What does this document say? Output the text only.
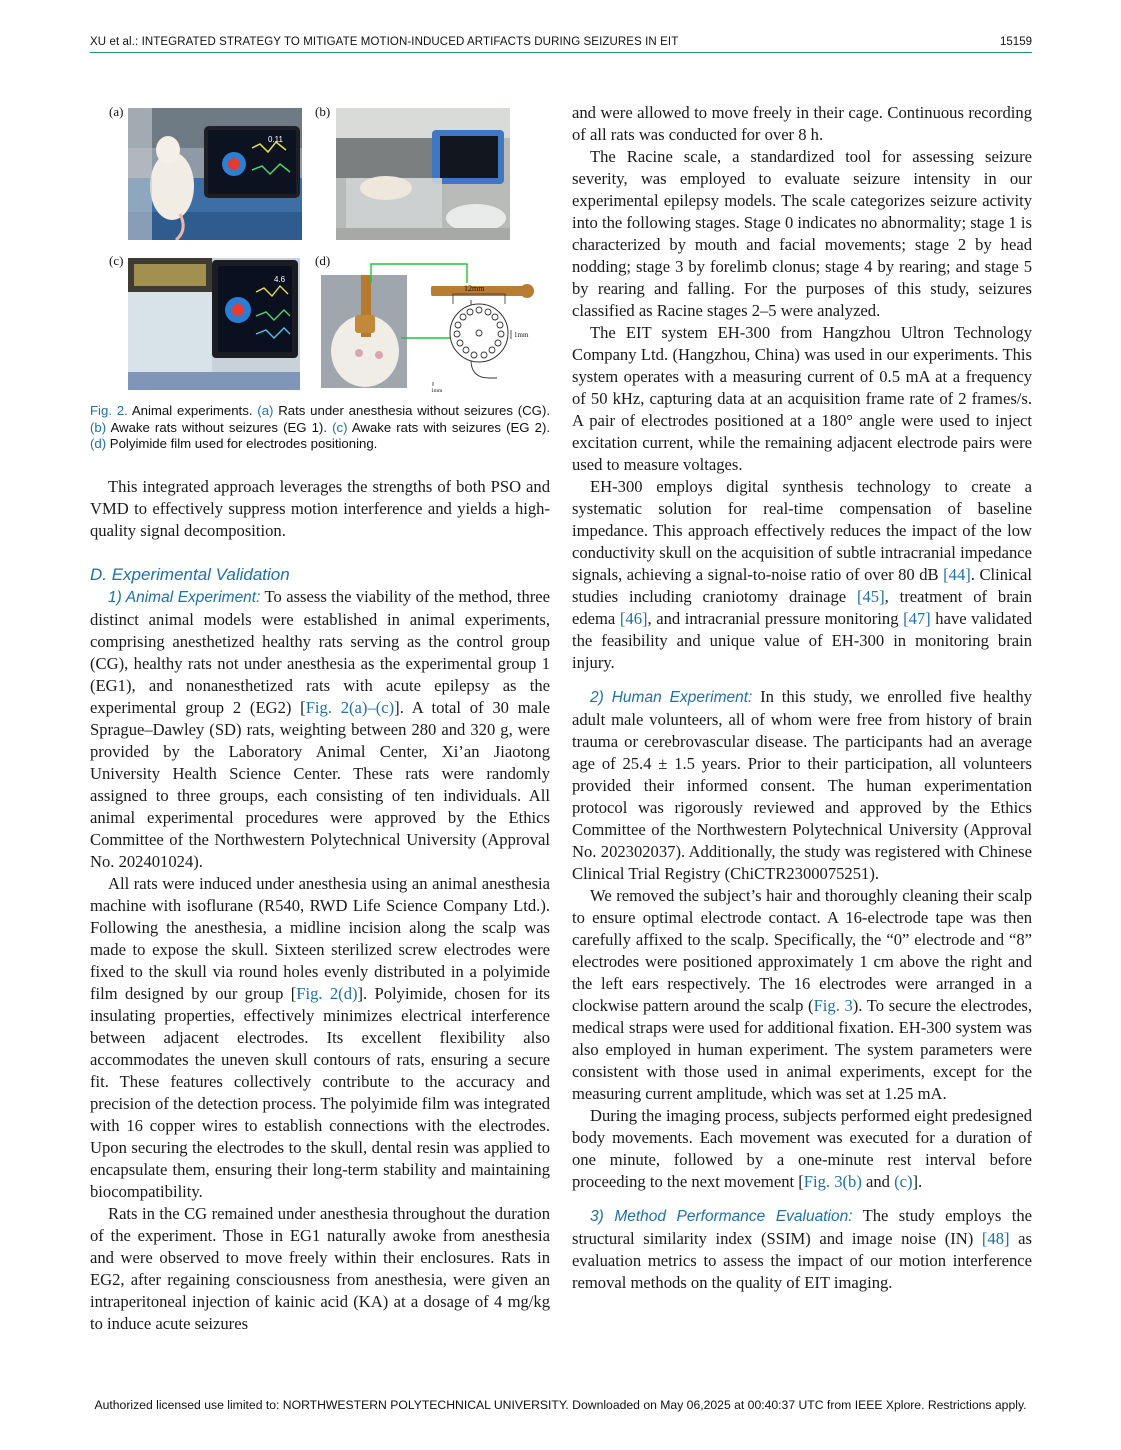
XU et al.: INTEGRATED STRATEGY TO MITIGATE MOTION-INDUCED ARTIFACTS DURING SEIZURES IN EIT	15159
(a)	(b)
(c)	(d)
0.11
4.6
12mm
1mm
1mm
Fig. 2. Animal experiments. (a) Rats under anesthesia without seizures (CG). (b) Awake rats without seizures (EG 1). (c) Awake rats with seizures (EG 2). (d) Polyimide film used for electrodes positioning.

This integrated approach leverages the strengths of both PSO and VMD to effectively suppress motion interference and yields a high-quality signal decomposition.

D. Experimental Validation

1) Animal Experiment: To assess the viability of the method, three distinct animal models were established in animal experiments, comprising anesthetized healthy rats serving as the control group (CG), healthy rats not under anesthesia as the experimental group 1 (EG1), and nonanesthetized rats with acute epilepsy as the experimental group 2 (EG2) [Fig. 2(a)–(c)]. A total of 30 male Sprague–Dawley (SD) rats, weighting between 280 and 320 g, were provided by the Laboratory Animal Center, Xi’an Jiaotong University Health Science Center. These rats were randomly assigned to three groups, each consisting of ten individuals. All animal experimental procedures were approved by the Ethics Committee of the Northwestern Polytechnical University (Approval No. 202401024).

All rats were induced under anesthesia using an animal anesthesia machine with isoflurane (R540, RWD Life Science Company Ltd.). Following the anesthesia, a midline incision along the scalp was made to expose the skull. Sixteen sterilized screw electrodes were fixed to the skull via round holes evenly distributed in a polyimide film designed by our group [Fig. 2(d)]. Polyimide, chosen for its insulating properties, effectively minimizes electrical interference between adjacent electrodes. Its excellent flexibility also accommodates the uneven skull contours of rats, ensuring a secure fit. These features collectively contribute to the accuracy and precision of the detection process. The polyimide film was integrated with 16 copper wires to establish connections with the electrodes. Upon securing the electrodes to the skull, dental resin was applied to encapsulate them, ensuring their long-term stability and maintaining biocompatibility.

Rats in the CG remained under anesthesia throughout the duration of the experiment. Those in EG1 naturally awoke from anesthesia and were observed to move freely within their enclosures. Rats in EG2, after regaining consciousness from anesthesia, were given an intraperitoneal injection of kainic acid (KA) at a dosage of 4 mg/kg to induce acute seizures

and were allowed to move freely in their cage. Continuous recording of all rats was conducted for over 8 h.

The Racine scale, a standardized tool for assessing seizure severity, was employed to evaluate seizure intensity in our experimental epilepsy models. The scale categorizes seizure activity into the following stages. Stage 0 indicates no abnormality; stage 1 is characterized by mouth and facial movements; stage 2 by head nodding; stage 3 by forelimb clonus; stage 4 by rearing; and stage 5 by rearing and falling. For the purposes of this study, seizures classified as Racine stages 2–5 were analyzed.

The EIT system EH-300 from Hangzhou Ultron Technology Company Ltd. (Hangzhou, China) was used in our experiments. This system operates with a measuring current of 0.5 mA at a frequency of 50 kHz, capturing data at an acquisition frame rate of 2 frames/s. A pair of electrodes positioned at a 180° angle were used to inject excitation current, while the remaining adjacent electrode pairs were used to measure voltages.

EH-300 employs digital synthesis technology to create a systematic solution for real-time compensation of baseline impedance. This approach effectively reduces the impact of the low conductivity skull on the acquisition of subtle intracranial impedance signals, achieving a signal-to-noise ratio of over 80 dB [44]. Clinical studies including craniotomy drainage [45], treatment of brain edema [46], and intracranial pressure monitoring [47] have validated the feasibility and unique value of EH-300 in monitoring brain injury.

2) Human Experiment: In this study, we enrolled five healthy adult male volunteers, all of whom were free from history of brain trauma or cerebrovascular disease. The participants had an average age of 25.4 ± 1.5 years. Prior to their participation, all volunteers provided their informed consent. The human experimentation protocol was rigorously reviewed and approved by the Ethics Committee of the Northwestern Polytechnical University (Approval No. 202302037). Additionally, the study was registered with Chinese Clinical Trial Registry (ChiCTR2300075251).

We removed the subject’s hair and thoroughly cleaning their scalp to ensure optimal electrode contact. A 16-electrode tape was then carefully affixed to the scalp. Specifically, the “0” electrode and “8” electrodes were positioned approximately 1 cm above the right and the left ears respectively. The 16 electrodes were arranged in a clockwise pattern around the scalp (Fig. 3). To secure the electrodes, medical straps were used for additional fixation. EH-300 system was also employed in human experiment. The system parameters were consistent with those used in animal experiments, except for the measuring current amplitude, which was set at 1.25 mA.

During the imaging process, subjects performed eight predesigned body movements. Each movement was executed for a duration of one minute, followed by a one-minute rest interval before proceeding to the next movement [Fig. 3(b) and (c)].

3) Method Performance Evaluation: The study employs the structural similarity index (SSIM) and image noise (IN) [48] as evaluation metrics to assess the impact of our motion interference removal methods on the quality of EIT imaging.

Authorized licensed use limited to: NORTHWESTERN POLYTECHNICAL UNIVERSITY. Downloaded on May 06,2025 at 00:40:37 UTC from IEEE Xplore. Restrictions apply.
